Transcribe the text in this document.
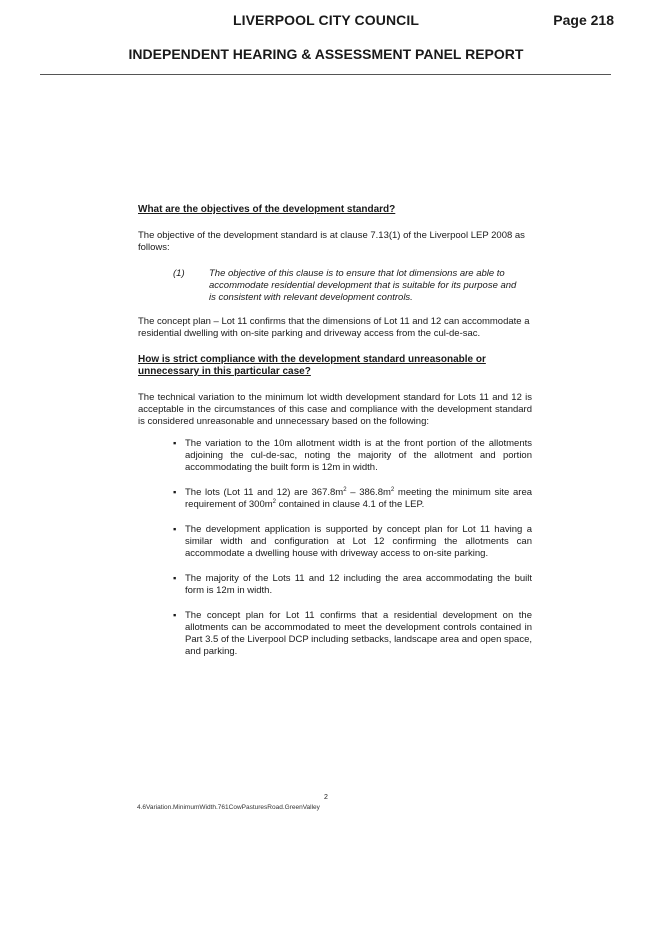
LIVERPOOL CITY COUNCIL	Page 218
INDEPENDENT HEARING & ASSESSMENT PANEL REPORT

What are the objectives of the development standard?

The objective of the development standard is at clause 7.13(1) of the Liverpool LEP 2008 as follows:

(1)	The objective of this clause is to ensure that lot dimensions are able to accommodate residential development that is suitable for its purpose and is consistent with relevant development controls.

The concept plan – Lot 11 confirms that the dimensions of Lot 11 and 12 can accommodate a residential dwelling with on-site parking and driveway access from the cul-de-sac.

How is strict compliance with the development standard unreasonable or unnecessary in this particular case?

The technical variation to the minimum lot width development standard for Lots 11 and 12 is acceptable in the circumstances of this case and compliance with the development standard is considered unreasonable and unnecessary based on the following:

▪ The variation to the 10m allotment width is at the front portion of the allotments adjoining the cul-de-sac, noting the majority of the allotment and portion accommodating the built form is 12m in width.
▪ The lots (Lot 11 and 12) are $367.8m^2 - 386.8m^2$ meeting the minimum site area requirement of $300m^2$ contained in clause 4.1 of the LEP.
▪ The development application is supported by concept plan for Lot 11 having a similar width and configuration at Lot 12 confirming the allotments can accommodate a dwelling house with driveway access to on-site parking.
▪ The majority of the Lots 11 and 12 including the area accommodating the built form is 12m in width.
▪ The concept plan for Lot 11 confirms that a residential development on the allotments can be accommodated to meet the development controls contained in Part 3.5 of the Liverpool DCP including setbacks, landscape area and open space, and parking.
2
4.6Variation.MinimumWidth.761CowPasturesRoad.GreenValley
